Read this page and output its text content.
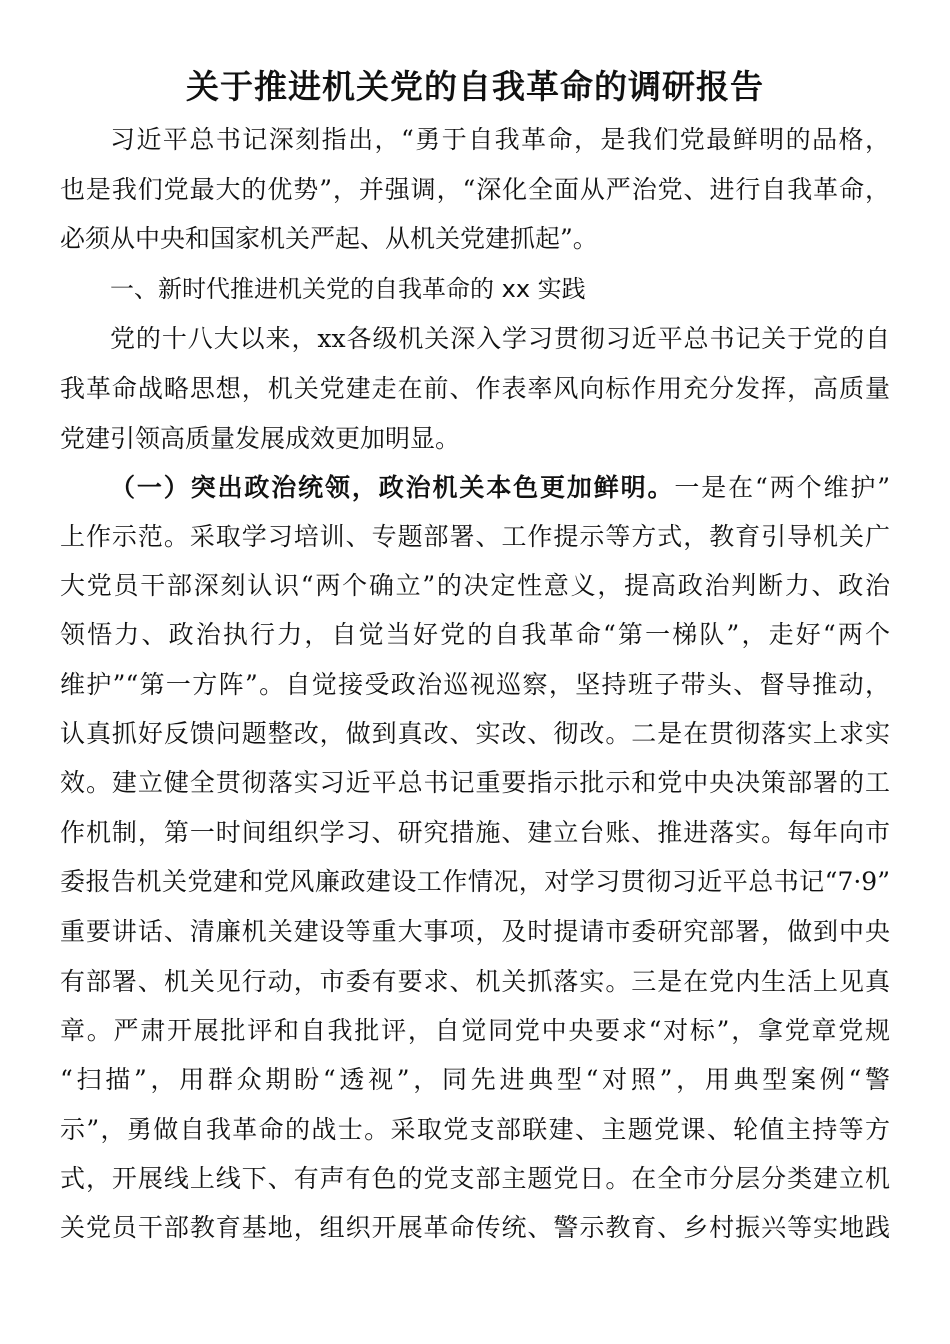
关于推进机关党的自我革命的调研报告
习近平总书记深刻指出，“勇于自我革命，是我们党最鲜明的品格，
也是我们党最大的优势”，并强调，“深化全面从严治党、进行自我革命，
必须从中央和国家机关严起、从机关党建抓起”。
一、新时代推进机关党的自我革命的 xx 实践
党的十八大以来，xx各级机关深入学习贯彻习近平总书记关于党的自
我革命战略思想，机关党建走在前、作表率风向标作用充分发挥，高质量
党建引领高质量发展成效更加明显。
（一）突出政治统领，政治机关本色更加鲜明。一是在“两个维护”
上作示范。采取学习培训、专题部署、工作提示等方式，教育引导机关广
大党员干部深刻认识“两个确立”的决定性意义，提高政治判断力、政治
领悟力、政治执行力，自觉当好党的自我革命“第一梯队”，走好“两个
维护”“第一方阵”。自觉接受政治巡视巡察，坚持班子带头、督导推动，
认真抓好反馈问题整改，做到真改、实改、彻改。二是在贯彻落实上求实
效。建立健全贯彻落实习近平总书记重要指示批示和党中央决策部署的工
作机制，第一时间组织学习、研究措施、建立台账、推进落实。每年向市
委报告机关党建和党风廉政建设工作情况，对学习贯彻习近平总书记“7·9”
重要讲话、清廉机关建设等重大事项，及时提请市委研究部署，做到中央
有部署、机关见行动，市委有要求、机关抓落实。三是在党内生活上见真
章。严肃开展批评和自我批评，自觉同党中央要求“对标”，拿党章党规
“扫描”，用群众期盼“透视”，同先进典型“对照”，用典型案例“警
示”，勇做自我革命的战士。采取党支部联建、主题党课、轮值主持等方
式，开展线上线下、有声有色的党支部主题党日。在全市分层分类建立机
关党员干部教育基地，组织开展革命传统、警示教育、乡村振兴等实地践
